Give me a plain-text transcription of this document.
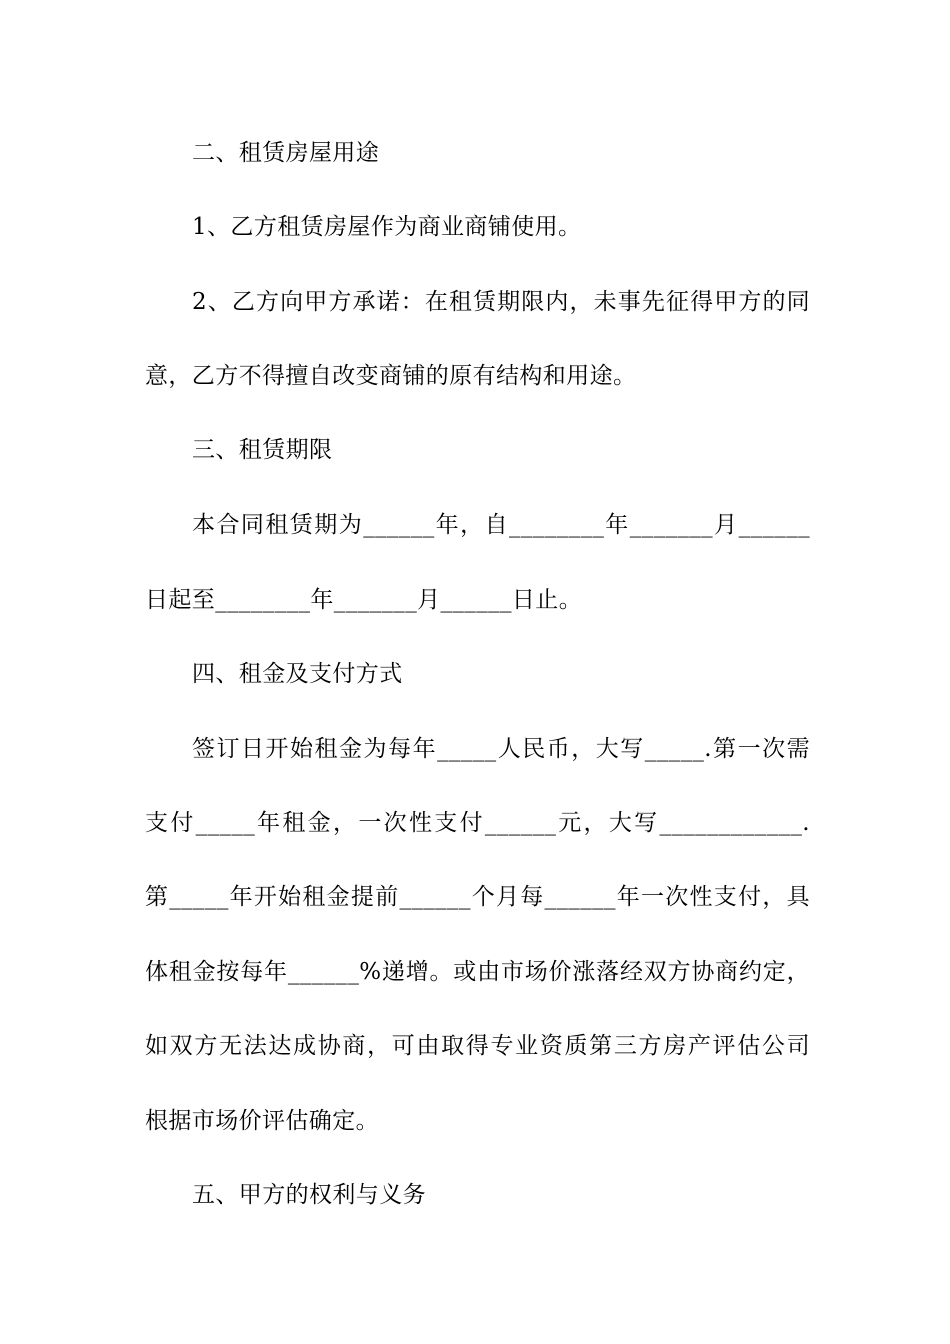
二、租赁房屋用途
1、乙方租赁房屋作为商业商铺使用。
2、乙方向甲方承诺：在租赁期限内，未事先征得甲方的同
意，乙方不得擅自改变商铺的原有结构和用途。
三、租赁期限
本合同租赁期为______年，自________年_______月______
日起至________年_______月______日止。
四、租金及支付方式
签订日开始租金为每年_____人民币，大写_____.第一次需
支付_____年租金，一次性支付______元，大写____________.
第_____年开始租金提前______个月每______年一次性支付，具
体租金按每年______%递增。或由市场价涨落经双方协商约定，
如双方无法达成协商，可由取得专业资质第三方房产评估公司
根据市场价评估确定。
五、甲方的权利与义务
